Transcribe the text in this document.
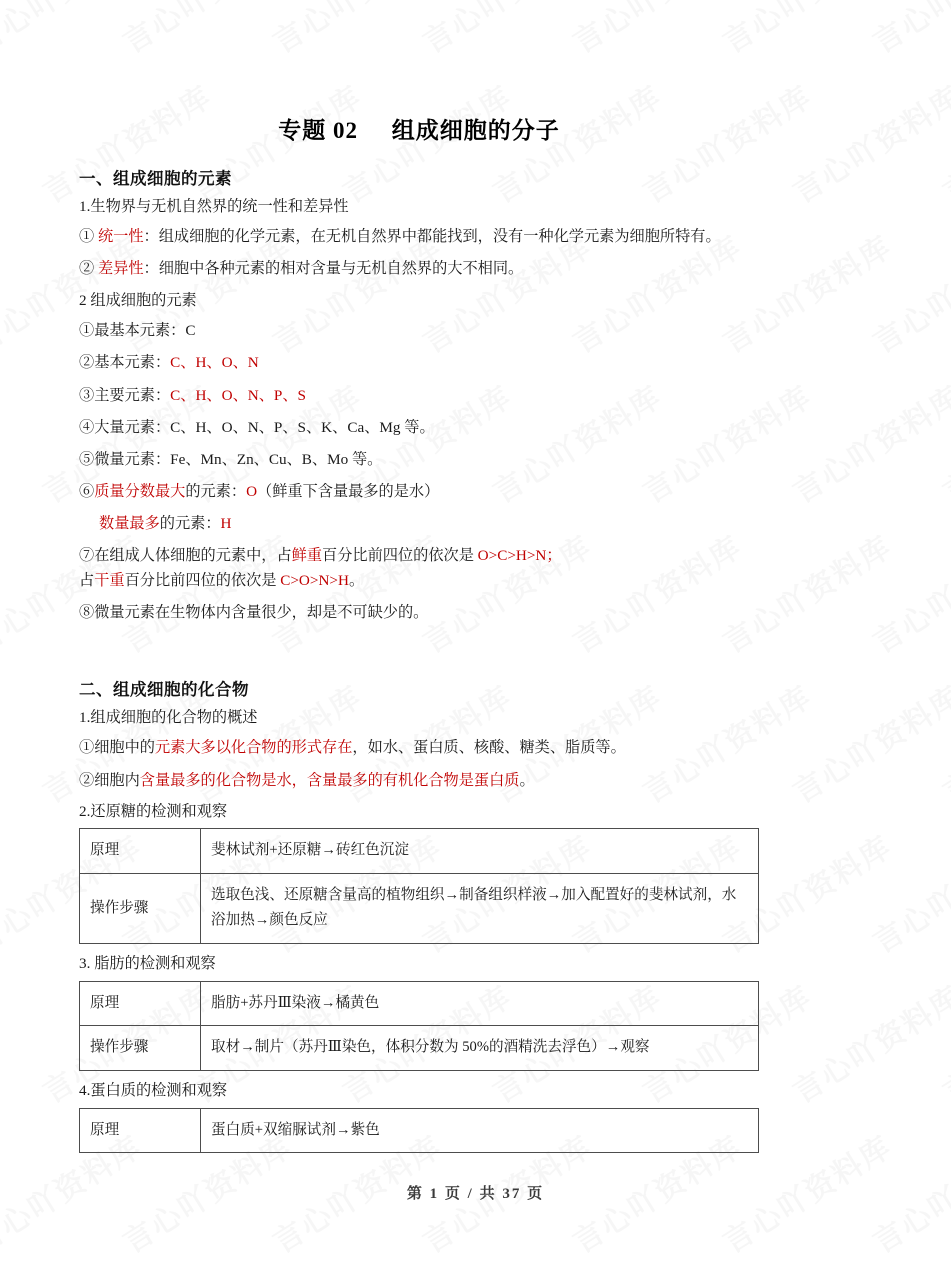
专题 02 组成细胞的分子
一、组成细胞的元素

1.生物界与无机自然界的统一性和差异性

① 统一性：组成细胞的化学元素，在无机自然界中都能找到，没有一种化学元素为细胞所特有。

② 差异性：细胞中各种元素的相对含量与无机自然界的大不相同。

2 组成细胞的元素

①最基本元素：C

②基本元素：C、H、O、N

③主要元素：C、H、O、N、P、S

④大量元素：C、H、O、N、P、S、K、Ca、Mg 等。

⑤微量元素：Fe、Mn、Zn、Cu、B、Mo 等。

⑥质量分数最大的元素：O（鲜重下含量最多的是水）

数量最多的元素：H

⑦在组成人体细胞的元素中，占鲜重百分比前四位的依次是 O>C>H>N；

占干重百分比前四位的依次是 C>O>N>H。

⑧微量元素在生物体内含量很少，却是不可缺少的。

二、组成细胞的化合物

1.组成细胞的化合物的概述

①细胞中的元素大多以化合物的形式存在，如水、蛋白质、核酸、糖类、脂质等。

②细胞内含量最多的化合物是水，含量最多的有机化合物是蛋白质。

2.还原糖的检测和观察
原理	斐林试剂+还原糖→砖红色沉淀
操作步骤	选取色浅、还原糖含量高的植物组织→制备组织样液→加入配置好的斐林试剂，水浴加热→颜色反应
3. 脂肪的检测和观察
原理	脂肪+苏丹Ⅲ染液→橘黄色
操作步骤	取材→制片（苏丹Ⅲ染色，体积分数为 50%的酒精洗去浮色）→观察
4.蛋白质的检测和观察
原理	蛋白质+双缩脲试剂→紫色
第 1 页 / 共 37 页
